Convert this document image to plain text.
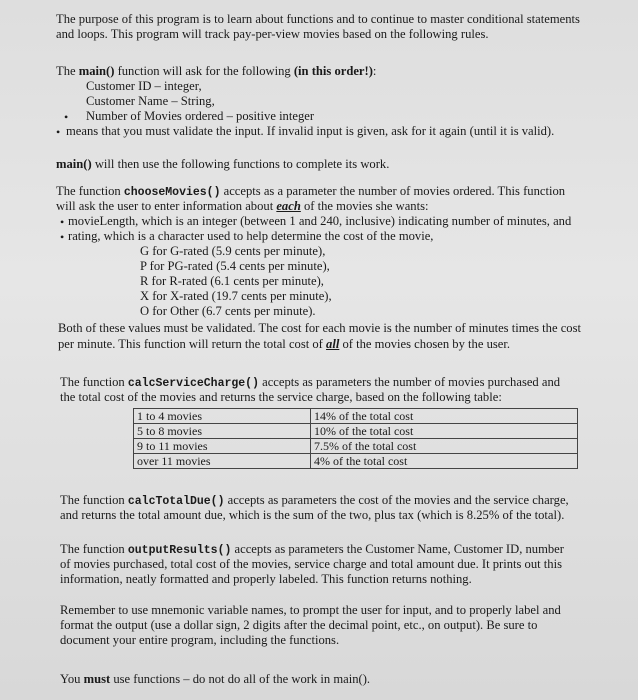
The purpose of this program is to learn about functions and to continue to master conditional statements

and loops. This program will track pay-per-view movies based on the following rules.

The main() function will ask for the following (in this order!):

Customer ID – integer,

Customer Name – String,

• Number of Movies ordered – positive integer

• means that you must validate the input. If invalid input is given, ask for it again (until it is valid).

main() will then use the following functions to complete its work.

The function chooseMovies() accepts as a parameter the number of movies ordered. This function

will ask the user to enter information about each of the movies she wants:

• movieLength, which is an integer (between 1 and 240, inclusive) indicating number of minutes, and

• rating, which is a character used to help determine the cost of the movie,

G for G-rated (5.9 cents per minute),

P for PG-rated (5.4 cents per minute),

R for R-rated (6.1 cents per minute),

X for X-rated (19.7 cents per minute),

O for Other (6.7 cents per minute).

Both of these values must be validated. The cost for each movie is the number of minutes times the cost

per minute. This function will return the total cost of all of the movies chosen by the user.

The function calcServiceCharge() accepts as parameters the number of movies purchased and

the total cost of the movies and returns the service charge, based on the following table:

1 to 4 movies	14% of the total cost
5 to 8 movies	10% of the total cost
9 to 11 movies	7.5% of the total cost
over 11 movies	4% of the total cost

The function calcTotalDue() accepts as parameters the cost of the movies and the service charge,

and returns the total amount due, which is the sum of the two, plus tax (which is 8.25% of the total).

The function outputResults() accepts as parameters the Customer Name, Customer ID, number

of movies purchased, total cost of the movies, service charge and total amount due. It prints out this

information, neatly formatted and properly labeled. This function returns nothing.

Remember to use mnemonic variable names, to prompt the user for input, and to properly label and

format the output (use a dollar sign, 2 digits after the decimal point, etc., on output). Be sure to

document your entire program, including the functions.

You must use functions – do not do all of the work in main().
